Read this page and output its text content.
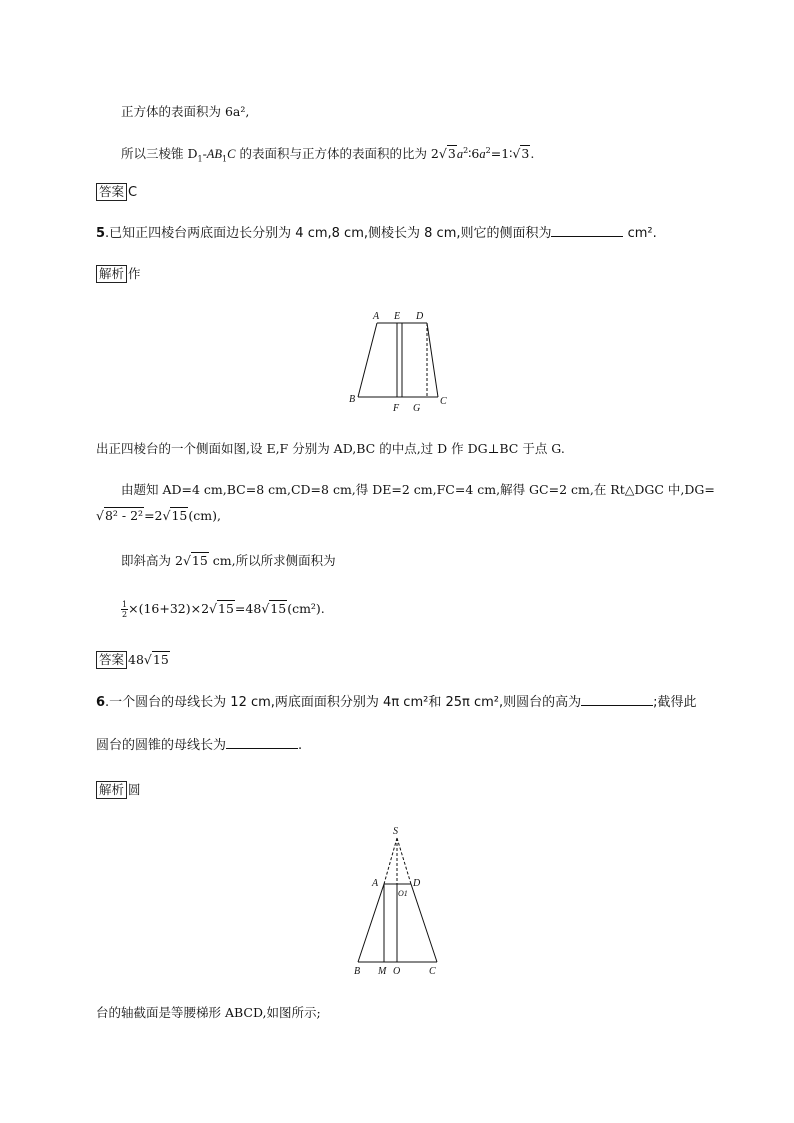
正方体的表面积为 6a²,
所以三棱锥 $D_1-AB_1C$ 的表面积与正方体的表面积的比为 $2√3a^2∶6a^2=1∶√3$.
答案 C
5.已知正四棱台两底面边长分别为 4 cm,8 cm,侧棱长为 8 cm,则它的侧面积为	cm².
解析 作
A E D
B
F G
C
出正四棱台的一个侧面如图,设 E,F 分别为 AD,BC 的中点,过 D 作 DG⊥BC 于点 G.
由题知 AD=4 cm,BC=8 cm,CD=8 cm,得 DE=2 cm,FC=4 cm,解得 GC=2 cm,在 Rt△DGC 中,DG=
√8² - 2²=2√15(cm),
即斜高为 2√15 cm,所以所求侧面积为
$\frac{1}{2} \times(16+32)\times 2√15=48√15(cm^2)$.
答案 48√15
6.一个圆台的母线长为 12 cm,两底面面积分别为 4π cm²和 25π cm²,则圆台的高为	;截得此
圆台的圆锥的母线长为	.
解析 圆
S
A
O1
D
B M O	C
台的轴截面是等腰梯形 ABCD,如图所示;
